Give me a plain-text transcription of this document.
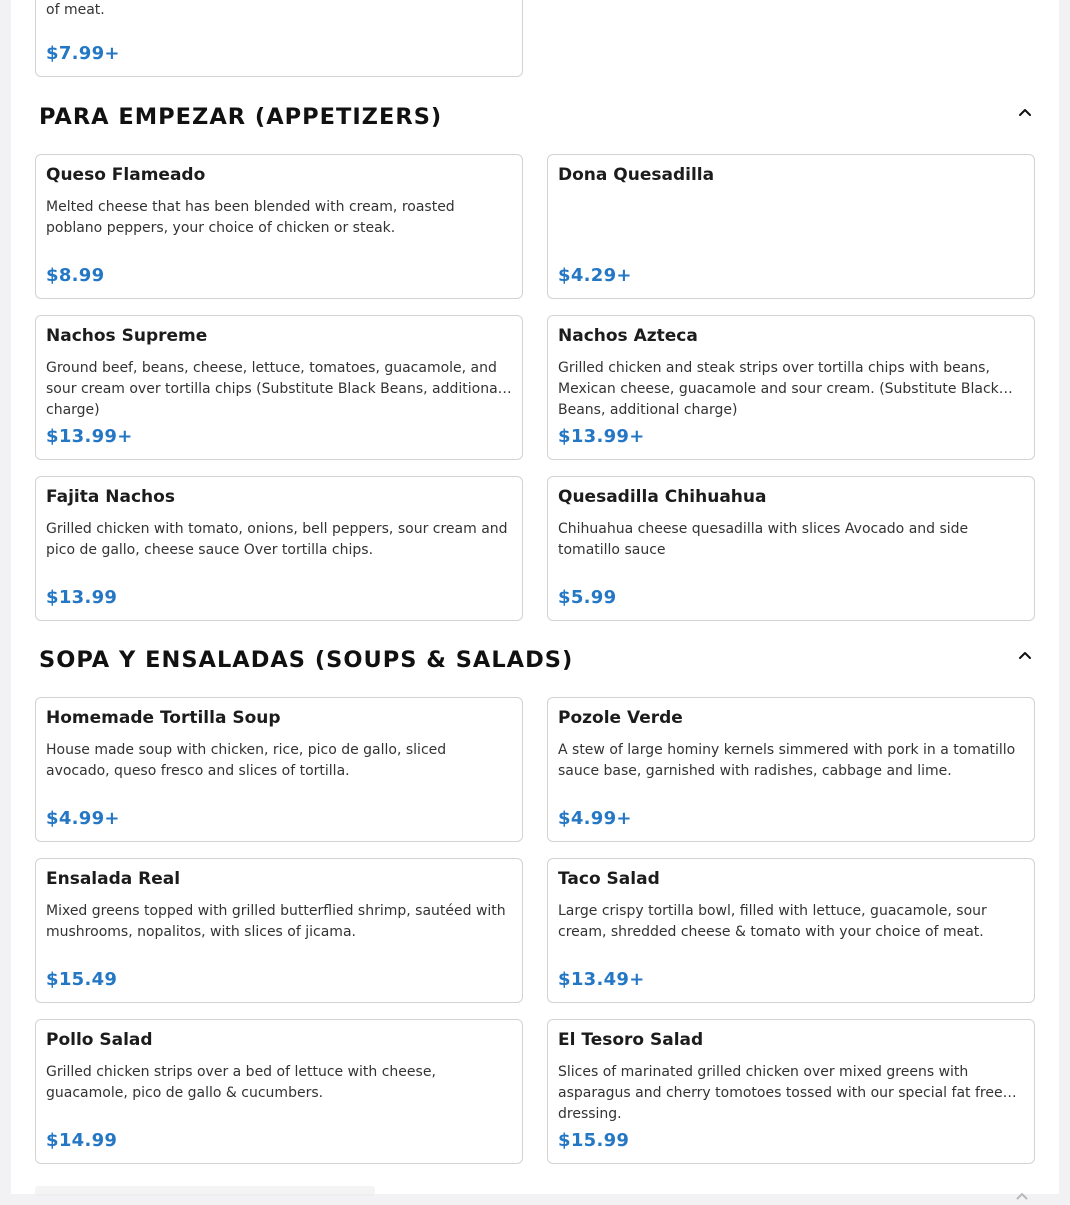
of meat.
$7.99+
PARA EMPEZAR (APPETIZERS)
Queso Flameado
Melted cheese that has been blended with cream, roasted poblano peppers, your choice of chicken or steak.
$8.99
Dona Quesadilla
$4.29+
Nachos Supreme
Ground beef, beans, cheese, lettuce, tomatoes, guacamole, and sour cream over tortilla chips (Substitute Black Beans, additional charge)
$13.99+
Nachos Azteca
Grilled chicken and steak strips over tortilla chips with beans, Mexican cheese, guacamole and sour cream. (Substitute Black Beans, additional charge)
$13.99+
Fajita Nachos
Grilled chicken with tomato, onions, bell peppers, sour cream and pico de gallo, cheese sauce Over tortilla chips.
$13.99
Quesadilla Chihuahua
Chihuahua cheese quesadilla with slices Avocado and side tomatillo sauce
$5.99
SOPA Y ENSALADAS (SOUPS & SALADS)
Homemade Tortilla Soup
House made soup with chicken, rice, pico de gallo, sliced avocado, queso fresco and slices of tortilla.
$4.99+
Pozole Verde
A stew of large hominy kernels simmered with pork in a tomatillo sauce base, garnished with radishes, cabbage and lime.
$4.99+
Ensalada Real
Mixed greens topped with grilled butterflied shrimp, sautéed with mushrooms, nopalitos, with slices of jicama.
$15.49
Taco Salad
Large crispy tortilla bowl, filled with lettuce, guacamole, sour cream, shredded cheese & tomato with your choice of meat.
$13.49+
Pollo Salad
Grilled chicken strips over a bed of lettuce with cheese, guacamole, pico de gallo & cucumbers.
$14.99
El Tesoro Salad
Slices of marinated grilled chicken over mixed greens with asparagus and cherry tomotoes tossed with our special fat free dressing.
$15.99
